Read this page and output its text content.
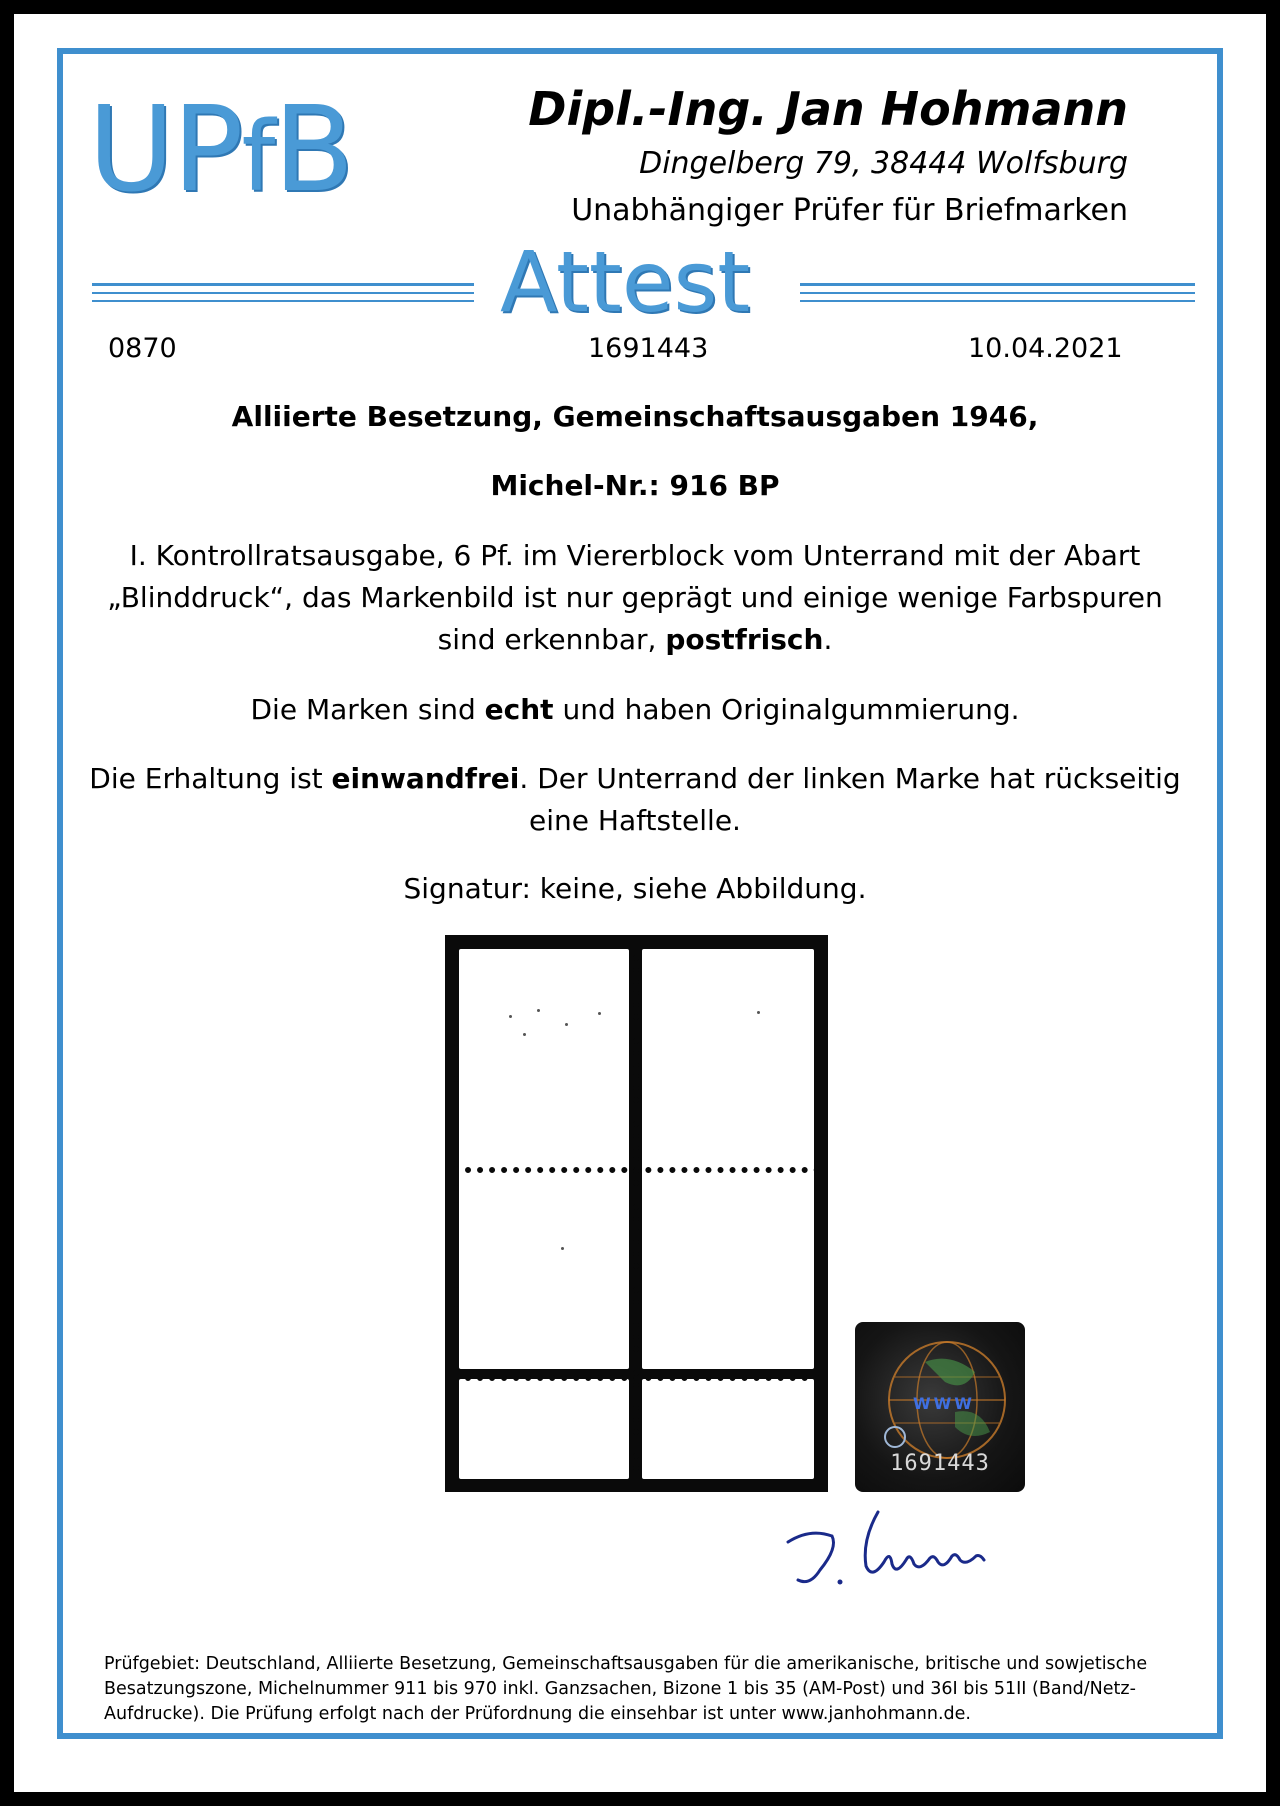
UPfB	Dipl.-Ing. Jan Hohmann
Dingelberg 79, 38444 Wolfsburg
Unabhängiger Prüfer für Briefmarken
Attest
0870	1691443	10.04.2021
Alliierte Besetzung, Gemeinschaftsausgaben 1946,
Michel-Nr.: 916 BP
I. Kontrollratsausgabe, 6 Pf. im Viererblock vom Unterrand mit der Abart
„Blinddruck“, das Markenbild ist nur geprägt und einige wenige Farbspuren
sind erkennbar, postfrisch.
Die Marken sind echt und haben Originalgummierung.
Die Erhaltung ist einwandfrei. Der Unterrand der linken Marke hat rückseitig
eine Haftstelle.
Signatur: keine, siehe Abbildung.
WWW
1691443
Prüfgebiet: Deutschland, Alliierte Besetzung, Gemeinschaftsausgaben für die amerikanische, britische und sowjetische
Besatzungszone, Michelnummer 911 bis 970 inkl. Ganzsachen, Bizone 1 bis 35 (AM-Post) und 36I bis 51II (Band/Netz-
Aufdrucke). Die Prüfung erfolgt nach der Prüfordnung die einsehbar ist unter www.janhohmann.de.
